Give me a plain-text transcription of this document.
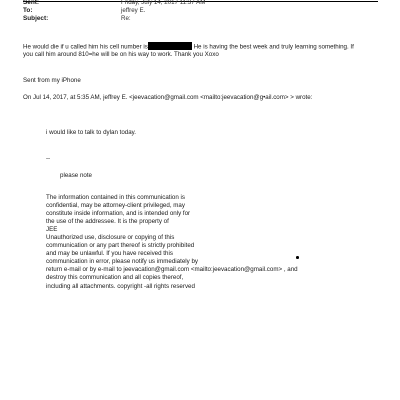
Sent:	Friday, July 14, 2017 11:37 AM
To:	jeffrey E.
Subject:	Re:
He would die if u called him his cell number is	He is having the best week and truly learning something. If
you call him around 810=he will be on his way to work. Thank you Xoxo
Sent from my iPhone
On Jul 14, 2017, at 5:35 AM, jeffrey E. <jeevacation@gmail.com <mailto:jeevacation@g•ail.com> > wrote:
i would like to talk to dylan today.
--
please note
The information contained in this communication is
confidential, may be attorney-client privileged, may
constitute inside information, and is intended only for
the use of the addressee. It is the property of
JEE
Unauthorized use, disclosure or copying of this
communication or any part thereof is strictly prohibited
and may be unlawful. If you have received this
communication in error, please notify us immediately by
return e-mail or by e-mail to jeevacation@gmail.com <mailto:jeevacation@gmail.com> , and
destroy this communication and all copies thereof,
including all attachments. copyright -all rights reserved
